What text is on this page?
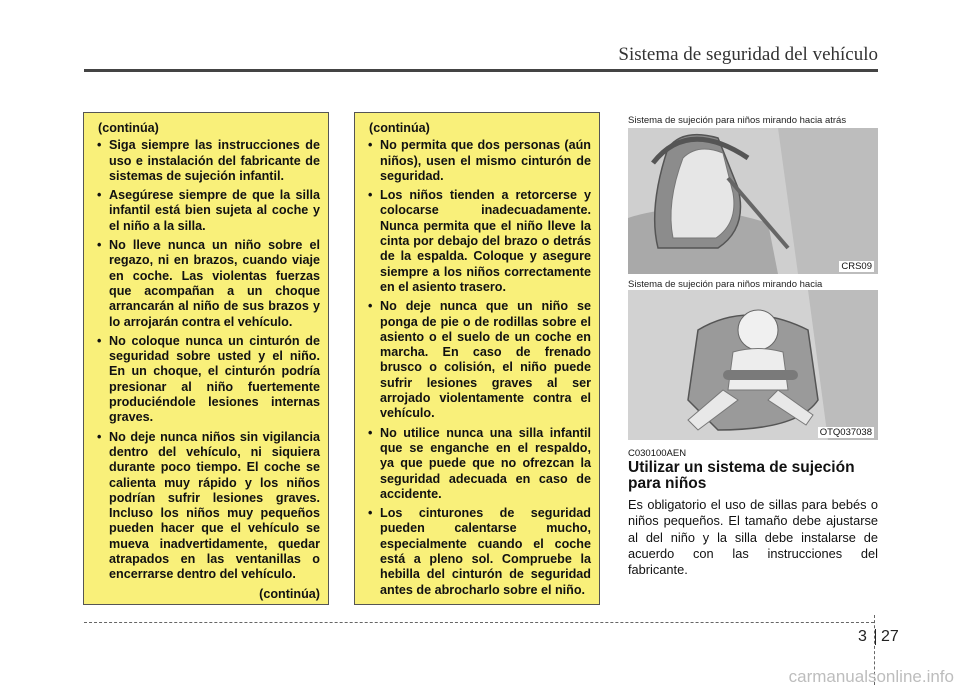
Sistema de seguridad del vehículo
(continúa)
• Siga siempre las instrucciones de uso e instalación del fabricante de sistemas de sujeción infantil.
• Asegúrese siempre de que la silla infantil está bien sujeta al coche y el niño a la silla.
• No lleve nunca un niño sobre el regazo, ni en brazos, cuando viaje en coche. Las violentas fuerzas que acompañan a un choque arrancarán al niño de sus brazos y lo arrojarán contra el vehículo.
• No coloque nunca un cinturón de seguridad sobre usted y el niño. En un choque, el cinturón podría presionar al niño fuertemente produciéndole lesiones internas graves.
• No deje nunca niños sin vigilancia dentro del vehículo, ni siquiera durante poco tiempo. El coche se calienta muy rápido y los niños podrían sufrir lesiones graves. Incluso los niños muy pequeños pueden hacer que el vehículo se mueva inadvertidamente, quedar atrapados en las ventanillas o encerrarse dentro del vehículo.
(continúa)
(continúa)
• No permita que dos personas (aún niños), usen el mismo cinturón de seguridad.
• Los niños tienden a retorcerse y colocarse inadecuadamente. Nunca permita que el niño lleve la cinta por debajo del brazo o detrás de la espalda. Coloque y asegure siempre a los niños correctamente en el asiento trasero.
• No deje nunca que un niño se ponga de pie o de rodillas sobre el asiento o el suelo de un coche en marcha. En caso de frenado brusco o colisión, el niño puede sufrir lesiones graves al ser arrojado violentamente contra el vehículo.
• No utilice nunca una silla infantil que se enganche en el respaldo, ya que puede que no ofrezcan la seguridad adecuada en caso de accidente.
• Los cinturones de seguridad pueden calentarse mucho, especialmente cuando el coche está a pleno sol. Compruebe la hebilla del cinturón de seguridad antes de abrocharlo sobre el niño.
Sistema de sujeción para niños mirando hacia atrás
CRS09
Sistema de sujeción para niños mirando hacia

OTQ037038
C030100AEN
Utilizar un sistema de sujeción para niños
Es obligatorio el uso de sillas para bebés o niños pequeños. El tamaño debe ajustarse al del niño y la silla debe instalarse de acuerdo con las instrucciones del fabricante.
3 27
carmanualsonline.info
